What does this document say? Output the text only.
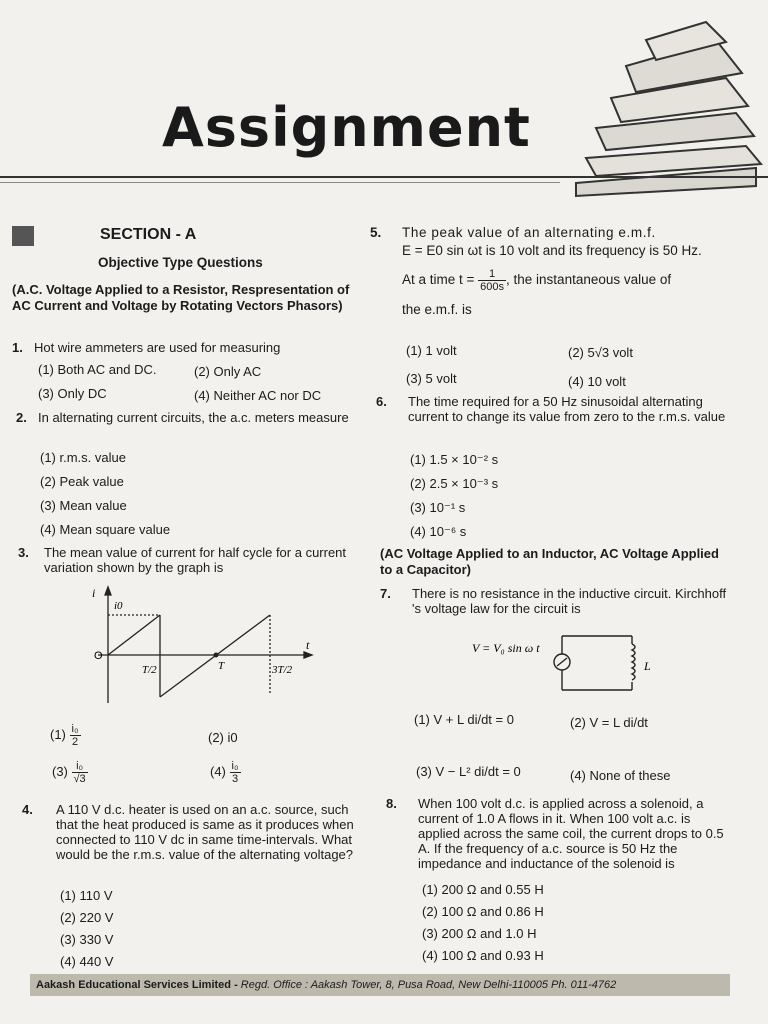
Assignment
SECTION - A
Objective Type Questions
(A.C. Voltage Applied to a Resistor, Respresentation of AC Current and Voltage by Rotating Vectors Phasors)
1. Hot wire ammeters are used for measuring
(1) Both AC and DC.	(2) Only AC
(3) Only DC	(4) Neither AC nor DC
2. In alternating current circuits, the a.c. meters measure
(1) r.m.s. value
(2) Peak value
(3) Mean value
(4) Mean square value
3.	The mean value of current for half cycle for a current variation shown by the graph is
i
i0
O
t
T/2	T	3T/2
$(1) \frac{\text{i₀}}{2}$	(2) i0
$(3) \frac{\text{i₀}}{√3}$	$(4) \frac{\text{i₀}}{3}$
4.	A 110 V d.c. heater is used on an a.c. source, such that the heat produced is same as it produces when connected to 110 V dc in same time-intervals. What would be the r.m.s. value of the alternating voltage?
(1) 110 V
(2) 220 V
(3) 330 V
(4) 440 V
5.	The peak value of an alternating e.m.f.
E = E0 sin ωt is 10 volt and its frequency is 50 Hz.
At a time $t = \frac{1}{600s}$ , the instantaneous value of
the e.m.f. is
(1) 1 volt	(2) 5√3 volt
(3) 5 volt	(4) 10 volt
6.	The time required for a 50 Hz sinusoidal alternating current to change its value from zero to the r.m.s. value
(1) 1.5 × 10⁻² s
(2) 2.5 × 10⁻³ s
(3) 10⁻¹ s
(4) 10⁻⁶ s
(AC Voltage Applied to an Inductor, AC Voltage Applied to a Capacitor)
7.	There is no resistance in the inductive circuit. Kirchhoff 's voltage law for the circuit is
V = V₀ sin ω t
L
(1) V + L di/dt = 0	(2) V = L di/dt
(3) V − L² di/dt = 0	(4) None of these
8.	When 100 volt d.c. is applied across a solenoid, a current of 1.0 A flows in it. When 100 volt a.c. is applied across the same coil, the current drops to 0.5 A. If the frequency of a.c. source is 50 Hz the impedance and inductance of the solenoid is
(1) 200 Ω and 0.55 H
(2) 100 Ω and 0.86 H
(3) 200 Ω and 1.0 H
(4) 100 Ω and 0.93 H
Aakash Educational Services Limited - Regd. Office : Aakash Tower, 8, Pusa Road, New Delhi-110005 Ph. 011-4762
